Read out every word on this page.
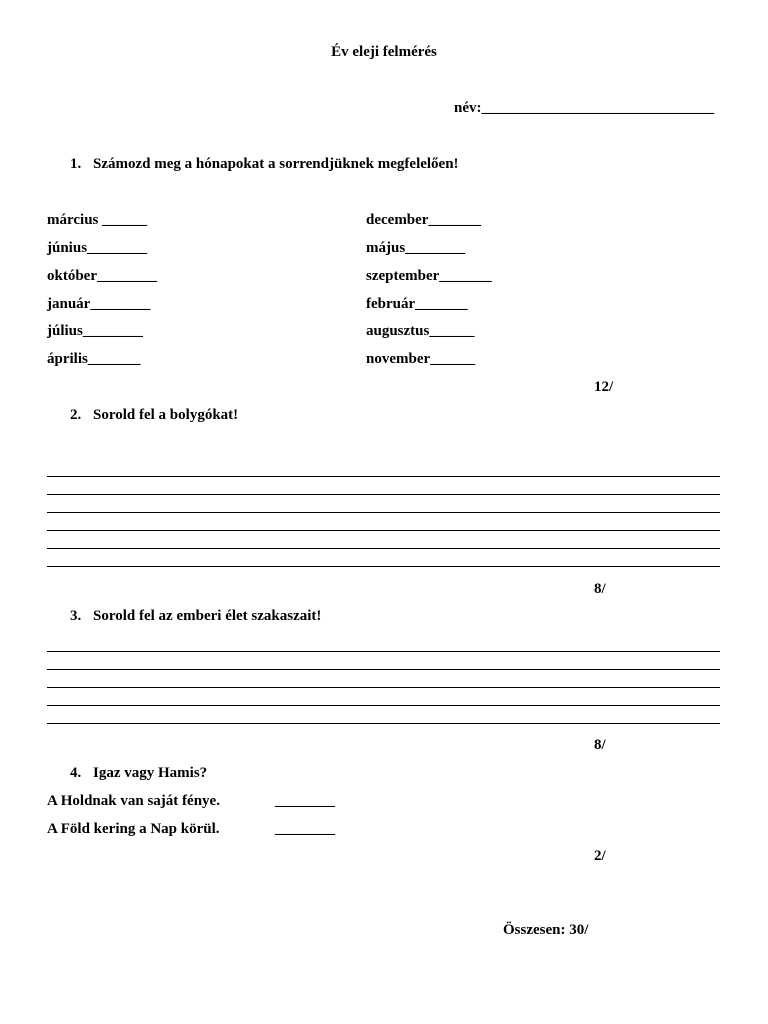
Év eleji felmérés
név:_______________________________
1. Számozd meg a hónapokat a sorrendjüknek megfelelően!
március ______
június________
október________
január________
július________
április_______
december_______
május________
szeptember_______
február_______
augusztus______
november______
12/
2. Sorold fel a bolygókat!
8/
3. Sorold fel az emberi élet szakaszait!
8/
4. Igaz vagy Hamis?
A Holdnak van saját fénye.	________
A Föld kering a Nap körül.	________
2/
Összesen: 30/
